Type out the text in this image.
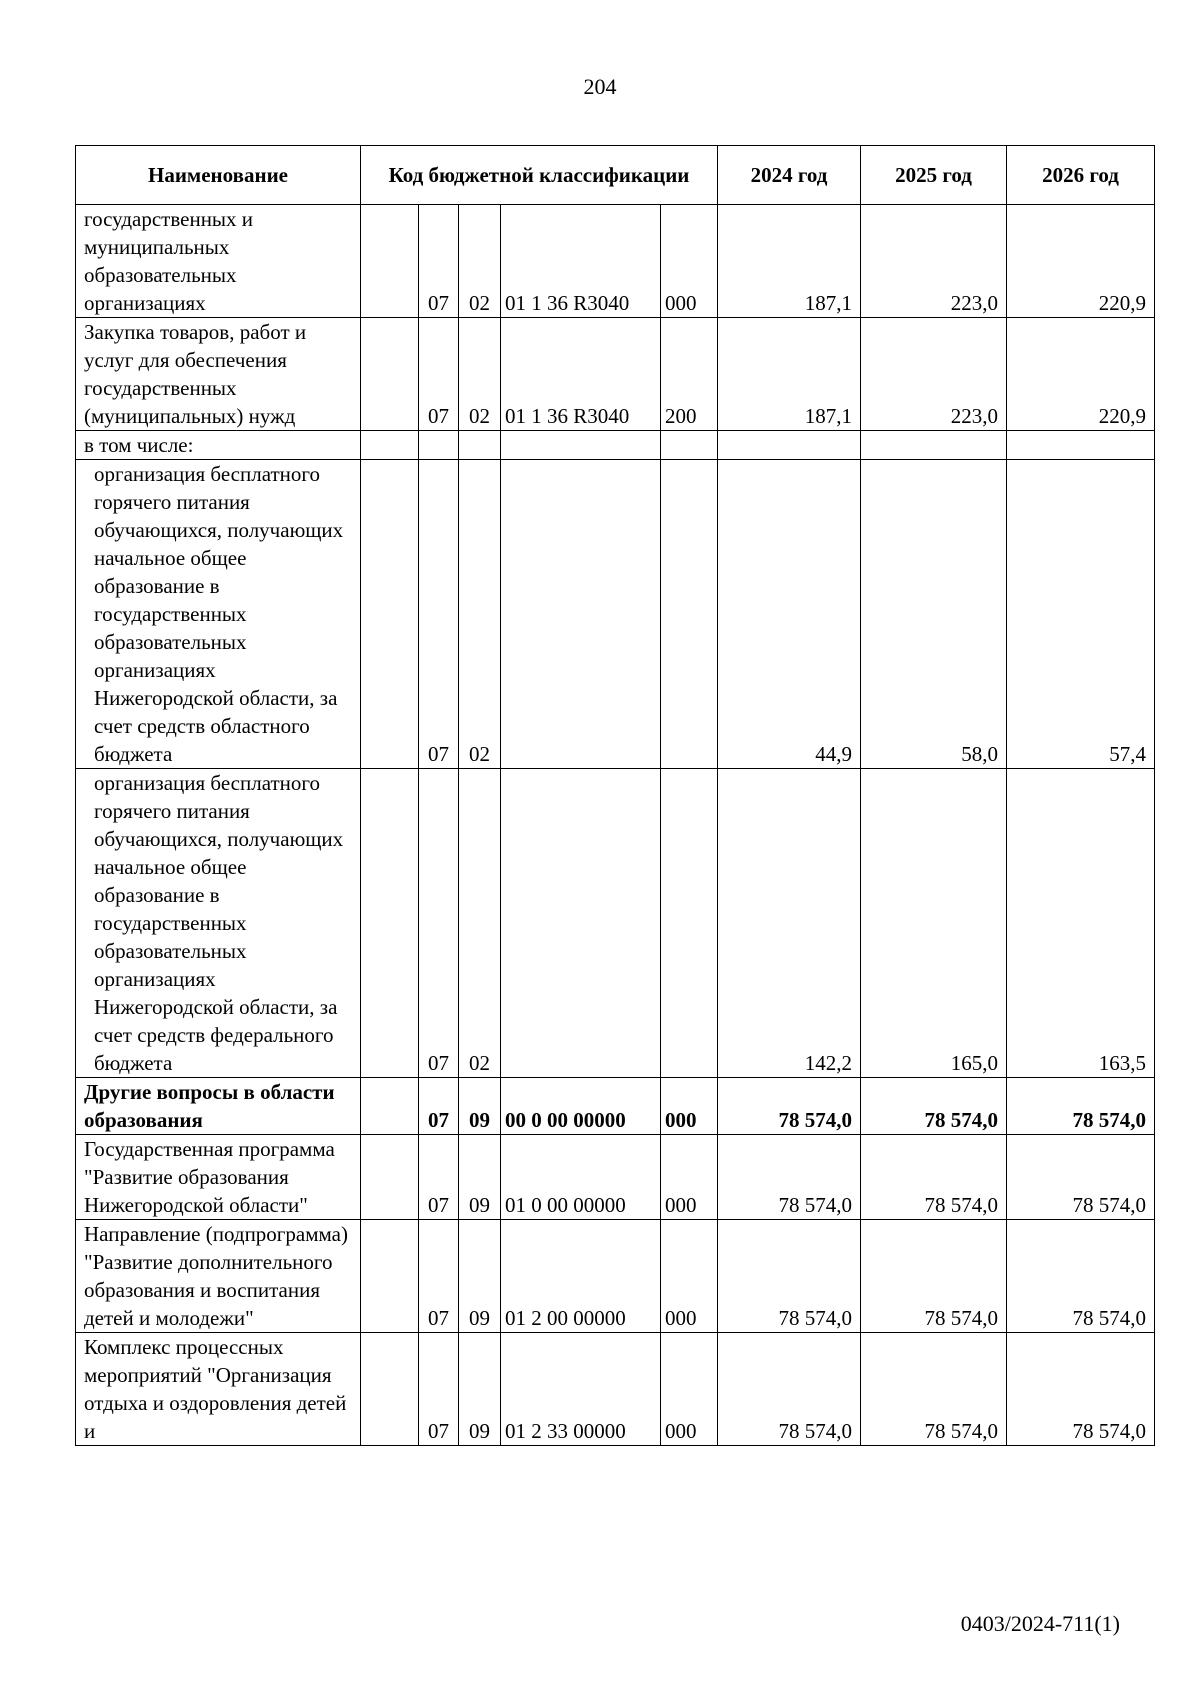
204
Наименование	Код бюджетной классификации					2024 год	2025 год	2026 год
государственных и муниципальных образовательных организациях		07	02	01 1 36 R3040	000	187,1	223,0	220,9
Закупка товаров, работ и услуг для обеспечения государственных (муниципальных) нужд		07	02	01 1 36 R3040	200	187,1	223,0	220,9
в том числе:								
организация бесплатного горячего питания обучающихся, получающих начальное общее образование в государственных образовательных организациях Нижегородской области, за счет средств областного бюджета		07	02			44,9	58,0	57,4
организация бесплатного горячего питания обучающихся, получающих начальное общее образование в государственных образовательных организациях Нижегородской области, за счет средств федерального бюджета		07	02			142,2	165,0	163,5
Другие вопросы в области образования		07	09	00 0 00 00000	000	78 574,0	78 574,0	78 574,0
Государственная программа "Развитие образования Нижегородской области"		07	09	01 0 00 00000	000	78 574,0	78 574,0	78 574,0
Направление (подпрограмма) "Развитие дополнительного образования и воспитания детей и молодежи"		07	09	01 2 00 00000	000	78 574,0	78 574,0	78 574,0
Комплекс процессных мероприятий "Организация отдыха и оздоровления детей и		07	09	01 2 33 00000	000	78 574,0	78 574,0	78 574,0
0403/2024-711(1)
